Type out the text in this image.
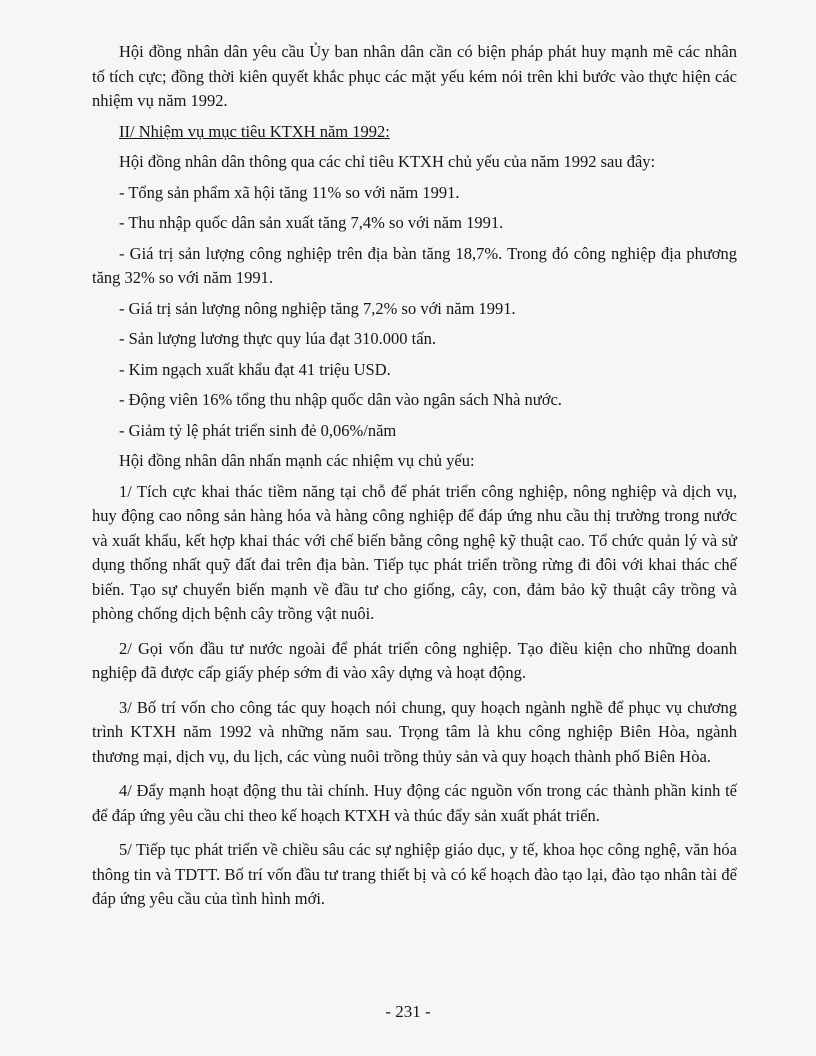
Hội đồng nhân dân yêu cầu Ủy ban nhân dân cần có biện pháp phát huy mạnh mẽ các nhân tố tích cực; đồng thời kiên quyết khắc phục các mặt yếu kém nói trên khi bước vào thực hiện các nhiệm vụ năm 1992.

II/ Nhiệm vụ mục tiêu KTXH năm 1992:

Hội đồng nhân dân thông qua các chỉ tiêu KTXH chủ yếu của năm 1992 sau đây:

- Tổng sản phẩm xã hội tăng 11% so với năm 1991.

- Thu nhập quốc dân sản xuất tăng 7,4% so với năm 1991.

- Giá trị sản lượng công nghiệp trên địa bàn tăng 18,7%. Trong đó công nghiệp địa phương tăng 32% so với năm 1991.

- Giá trị sản lượng nông nghiệp tăng 7,2% so với năm 1991.

- Sản lượng lương thực quy lúa đạt 310.000 tấn.

- Kim ngạch xuất khẩu đạt 41 triệu USD.

- Động viên 16% tổng thu nhập quốc dân vào ngân sách Nhà nước.

- Giảm tỷ lệ phát triển sinh đẻ 0,06%/năm

Hội đồng nhân dân nhấn mạnh các nhiệm vụ chủ yếu:

1/ Tích cực khai thác tiềm năng tại chỗ để phát triển công nghiệp, nông nghiệp và dịch vụ, huy động cao nông sản hàng hóa và hàng công nghiệp để đáp ứng nhu cầu thị trường trong nước và xuất khẩu, kết hợp khai thác với chế biến bằng công nghệ kỹ thuật cao. Tổ chức quản lý và sử dụng thống nhất quỹ đất đai trên địa bàn. Tiếp tục phát triển trồng rừng đi đôi với khai thác chế biến. Tạo sự chuyển biến mạnh về đầu tư cho giống, cây, con, đảm bảo kỹ thuật cây trồng và phòng chống dịch bệnh cây trồng vật nuôi.

2/ Gọi vốn đầu tư nước ngoài để phát triển công nghiệp. Tạo điều kiện cho những doanh nghiệp đã được cấp giấy phép sớm đi vào xây dựng và hoạt động.

3/ Bố trí vốn cho công tác quy hoạch nói chung, quy hoạch ngành nghề để phục vụ chương trình KTXH năm 1992 và những năm sau. Trọng tâm là khu công nghiệp Biên Hòa, ngành thương mại, dịch vụ, du lịch, các vùng nuôi trồng thủy sản và quy hoạch thành phố Biên Hòa.

4/ Đẩy mạnh hoạt động thu tài chính. Huy động các nguồn vốn trong các thành phần kinh tế để đáp ứng yêu cầu chi theo kế hoạch KTXH và thúc đẩy sản xuất phát triển.

5/ Tiếp tục phát triển về chiều sâu các sự nghiệp giáo dục, y tế, khoa học công nghệ, văn hóa thông tin và TDTT. Bố trí vốn đầu tư trang thiết bị và có kế hoạch đào tạo lại, đào tạo nhân tài để đáp ứng yêu cầu của tình hình mới.

- 231 -
